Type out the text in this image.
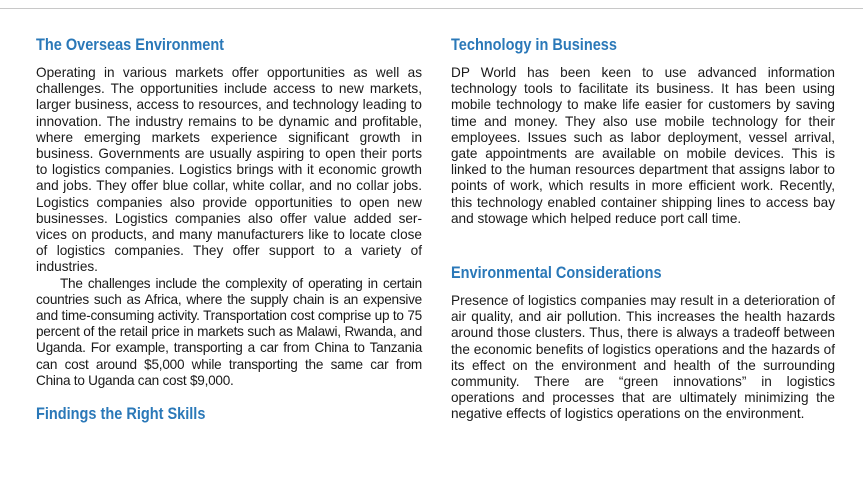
The Overseas Environment

Operating in various markets offer opportunities as well as challenges. The opportunities include access to new markets, larger business, access to resources, and technology leading to innovation. The industry remains to be dynamic and profitable, where emerging markets experience significant growth in business. Governments are usually aspiring to open their ports to logistics companies. Logistics brings with it economic growth and jobs. They offer blue collar, white collar, and no collar jobs. Logistics companies also provide opportunities to open new businesses. Logistics companies also offer value added services on products, and many manufacturers like to locate close of logistics companies. They offer support to a variety of industries.

The challenges include the complexity of operating in certain countries such as Africa, where the supply chain is an expensive and time-consuming activity. Transportation cost comprise up to 75 percent of the retail price in markets such as Malawi, Rwanda, and Uganda. For example, transporting a car from China to Tanzania can cost around $5,000 while transporting the same car from China to Uganda can cost $9,000.

Findings the Right Skills
Technology in Business

DP World has been keen to use advanced information technology tools to facilitate its business. It has been using mobile technology to make life easier for customers by saving time and money. They also use mobile technology for their employees. Issues such as labor deployment, vessel arrival, gate appointments are available on mobile devices. This is linked to the human resources department that assigns labor to points of work, which results in more efficient work. Recently, this technology enabled container shipping lines to access bay and stowage which helped reduce port call time.

Environmental Considerations

Presence of logistics companies may result in a deterioration of air quality, and air pollution. This increases the health hazards around those clusters. Thus, there is always a tradeoff between the economic benefits of logistics operations and the hazards of its effect on the environment and health of the surrounding community. There are “green innovations” in logistics operations and processes that are ultimately minimizing the negative effects of logistics operations on the environment.
